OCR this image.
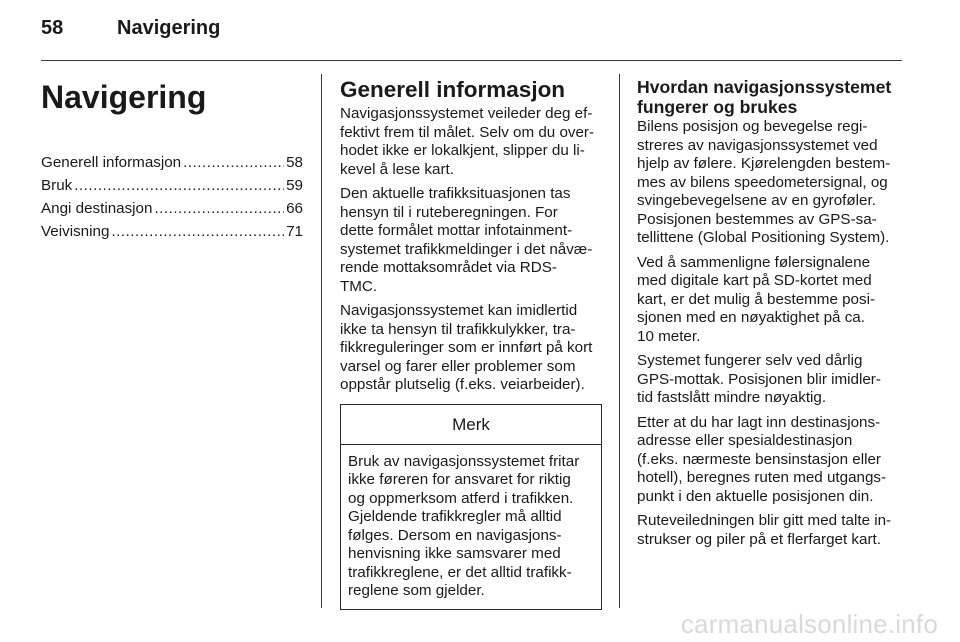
58	Navigering
Navigering
Generell informasjon .....	58
Bruk .....	59
Angi destinasjon .....	66
Veivisning .....	71
Generell informasjon

Navigasjonssystemet veileder deg ef-
fektivt frem til målet. Selv om du over-
hodet ikke er lokalkjent, slipper du li-
kevel å lese kart.

Den aktuelle trafikksituasjonen tas
hensyn til i ruteberegningen. For
dette formålet mottar infotainment-
systemet trafikkmeldinger i det nåvæ-
rende mottaksområdet via RDS-
TMC.

Navigasjonssystemet kan imidlertid
ikke ta hensyn til trafikkulykker, tra-
fikkreguleringer som er innført på kort
varsel og farer eller problemer som
oppstår plutselig (f.eks. veiarbeider).

Merk
Bruk av navigasjonssystemet fritar
ikke føreren for ansvaret for riktig
og oppmerksom atferd i trafikken.
Gjeldende trafikkregler må alltid
følges. Dersom en navigasjons-
henvisning ikke samsvarer med
trafikkreglene, er det alltid trafikk-
reglene som gjelder.
Hvordan navigasjonssystemet fungerer og brukes

Bilens posisjon og bevegelse regi-
streres av navigasjonssystemet ved
hjelp av følere. Kjørelengden bestem-
mes av bilens speedometersignal, og
svingebevegelsene av en gyroføler.
Posisjonen bestemmes av GPS-sa-
tellittene (Global Positioning System).

Ved å sammenligne følersignalene
med digitale kart på SD-kortet med
kart, er det mulig å bestemme posi-
sjonen med en nøyaktighet på ca.
10 meter.

Systemet fungerer selv ved dårlig
GPS-mottak. Posisjonen blir imidler-
tid fastslått mindre nøyaktig.

Etter at du har lagt inn destinasjons-
adresse eller spesialdestinasjon
(f.eks. nærmeste bensinstasjon eller
hotell), beregnes ruten med utgangs-
punkt i den aktuelle posisjonen din.

Ruteveiledningen blir gitt med talte in-
strukser og piler på et flerfarget kart.

carmanualsonline.info
